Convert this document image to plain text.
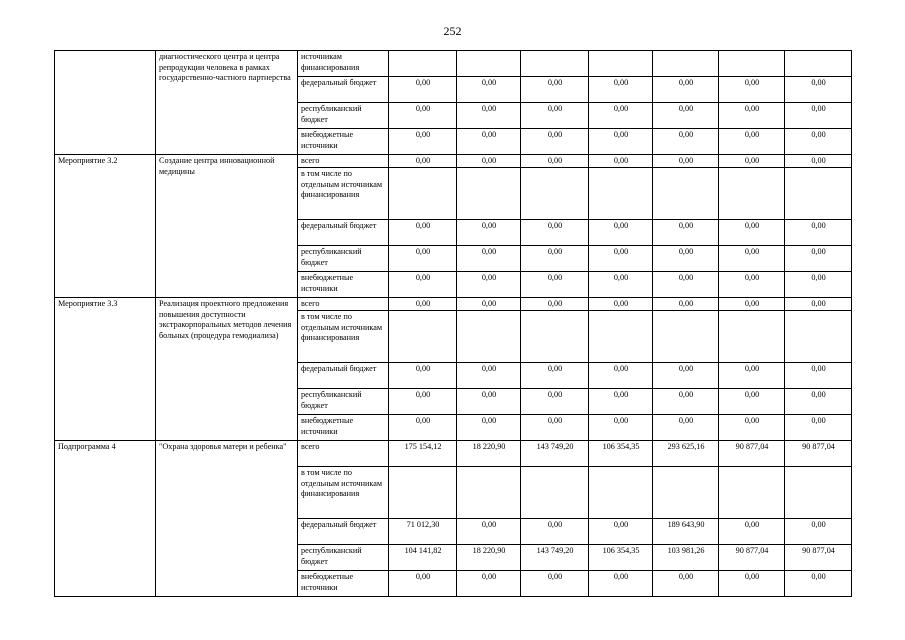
252
	диагностического центра и центра репродукции человека в рамках государственно-частного партнерства	источникам финансирования							
		федеральный бюджет	0,00	0,00	0,00	0,00	0,00	0,00	0,00
		республиканский бюджет	0,00	0,00	0,00	0,00	0,00	0,00	0,00
		внебюджетные источники	0,00	0,00	0,00	0,00	0,00	0,00	0,00
Мероприятие 3.2	Создание центра инновационной медицины	всего	0,00	0,00	0,00	0,00	0,00	0,00	0,00
		в том числе по отдельным источникам финансирования							
		федеральный бюджет	0,00	0,00	0,00	0,00	0,00	0,00	0,00
		республиканский бюджет	0,00	0,00	0,00	0,00	0,00	0,00	0,00
		внебюджетные источники	0,00	0,00	0,00	0,00	0,00	0,00	0,00
Мероприятие 3.3	Реализация проектного предложения повышения доступности экстракорпоральных методов лечения больных (процедура гемодиализа)	всего	0,00	0,00	0,00	0,00	0,00	0,00	0,00
		в том числе по отдельным источникам финансирования							
		федеральный бюджет	0,00	0,00	0,00	0,00	0,00	0,00	0,00
		республиканский бюджет	0,00	0,00	0,00	0,00	0,00	0,00	0,00
		внебюджетные источники	0,00	0,00	0,00	0,00	0,00	0,00	0,00
Подпрограмма 4	"Охрана здоровья матери и ребенка"	всего	175 154,12	18 220,90	143 749,20	106 354,35	293 625,16	90 877,04	90 877,04
		в том числе по отдельным источникам финансирования							
		федеральный бюджет	71 012,30	0,00	0,00	0,00	189 643,90	0,00	0,00
		республиканский бюджет	104 141,82	18 220,90	143 749,20	106 354,35	103 981,26	90 877,04	90 877,04
		внебюджетные источники	0,00	0,00	0,00	0,00	0,00	0,00	0,00
